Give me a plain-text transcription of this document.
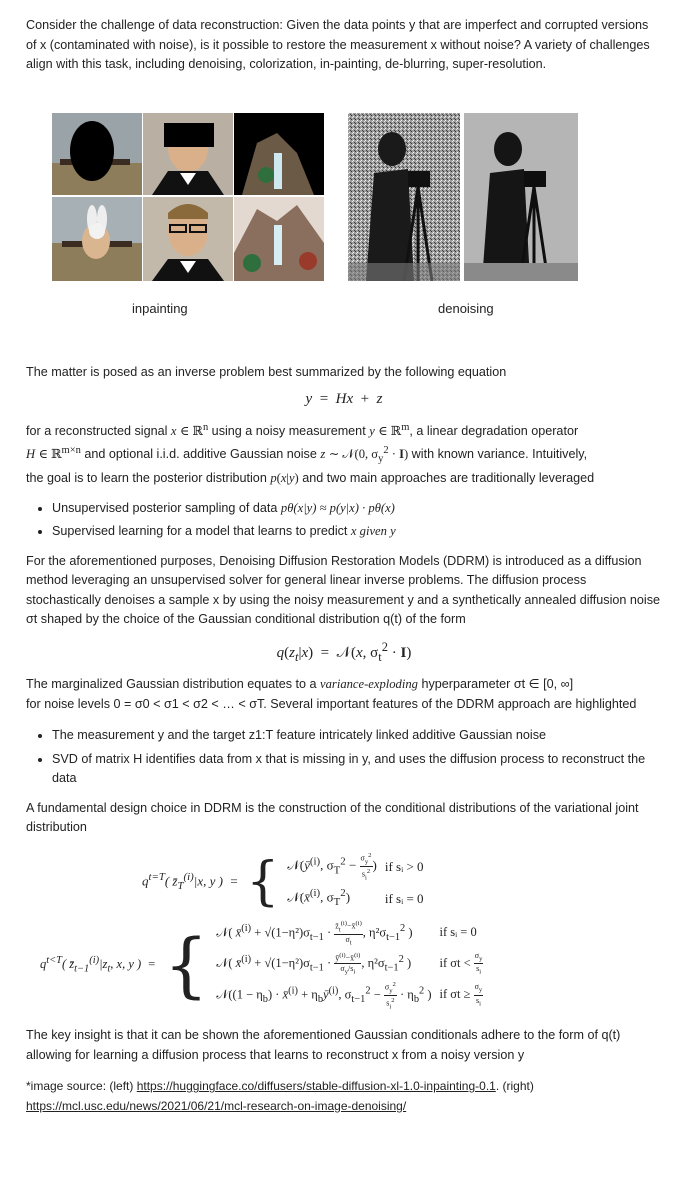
Consider the challenge of data reconstruction: Given the data points y that are imperfect and corrupted versions of x (contaminated with noise), is it possible to restore the measurement x without noise? A variety of challenges align with this task, including denoising, colorization, in-painting, de-blurring, super-resolution.

inpainting	denoising

The matter is posed as an inverse problem best summarized by the following equation

y  =  Hx  +  z

for a reconstructed signal x ∈ ℝ$^n$ using a noisy measurement y ∈ ℝ$^m$, a linear degradation operator
H ∈ ℝ$^{m\times n}$ and optional i.i.d. additive Gaussian noise z ∼ 𝒩(0, $\sigma_y^2 \cdot I$) with known variance. Intuitively,
the goal is to learn the posterior distribution p(x|y) and two main approaches are traditionally leveraged

• Unsupervised posterior sampling of data pθ(x|y) ≈ p(y|x) · pθ(x)
• Supervised learning for a model that learns to predict x given y

For the aforementioned purposes, Denoising Diffusion Restoration Models (DDRM) is introduced as a diffusion method leveraging an unsupervised solver for general linear inverse problems. The diffusion process stochastically denoises a sample x by using the noisy measurement y and a synthetically annealed diffusion noise σt shaped by the choice of the Gaussian conditional distribution q(t) of the form

$q(z_t|x)$  =  𝒩(x, $\sigma_t^2 \cdot I$)

The marginalized Gaussian distribution equates to a variance-exploding hyperparameter σt ∈ [0, ∞]
for noise levels 0 = σ0 < σ1 < σ2 < … < σT. Several important features of the DDRM approach are highlighted

• The measurement y and the target z1:T feature intricately linked additive Gaussian noise
• SVD of matrix H identifies data from x that is missing in y, and uses the diffusion process to reconstruct the data

A fundamental design choice in DDRM is the construction of the conditional distributions of the variational joint distribution

$q^{t=T}$( $z̄_T^{(i)}|x$, y )  =	{	$𝒩(ȳ^{(i)}$, $\sigma_T^2 - \frac{\sigma_y^2}{s_i^2}$ )	if sᵢ > 0
		𝒩(x̄$^{(i)}$, $\sigma_T^2$)	if sᵢ = 0
$q^{t<T}$( $z̄_{t-1}^{(i)}|z_t$, x, y )  =	{	𝒩( x̄$^{(i)}$ + $√(1-\eta^2)\sigma_{t-1} \cdot \frac{z̄_t^{(i)}-x̄^{(i)}}{\sigma_t}$ , $\eta^2\sigma_{t-1}^2$ )	if sᵢ = 0
		𝒩( x̄$^{(i)}$ + $√(1-\eta^2)\sigma_{t-1} \cdot \frac{ȳ^{(i)}-x̄^{(i)}}{\sigma_y/s_i}$ , $\eta^2\sigma_{t-1}^2$ )	if $\sigma t < \frac{\sigma_y}{s_i}$

		𝒩((1 − $\eta_b$) · x̄$^{(i)}$ + $\eta_bȳ^{(i)}$, $\sigma_{t-1}^2 - \frac{\sigma_y^2}{s_i^2} \cdot \eta_b^2$ )	if $\sigma t \ge \frac{\sigma_y}{s_i}$

The key insight is that it can be shown the aforementioned Gaussian conditionals adhere to the form of q(t) allowing for learning a diffusion process that learns to reconstruct x from a noisy version y

*image source: (left) https://huggingface.co/diffusers/stable-diffusion-xl-1.0-inpainting-0.1. (right) https://mcl.usc.edu/news/2021/06/21/mcl-research-on-image-denoising/
